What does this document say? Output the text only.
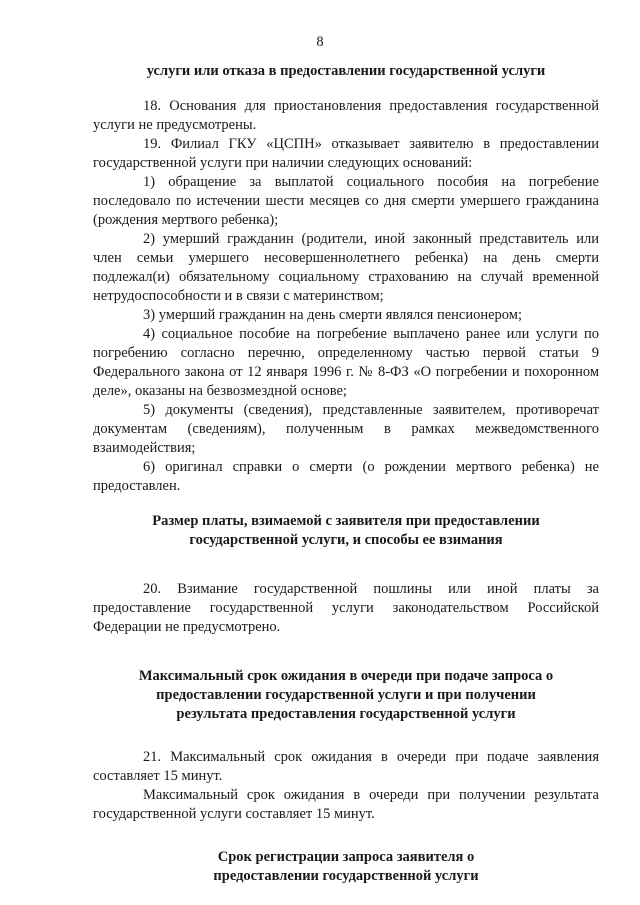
8

услуги или отказа в предоставлении государственной услуги

18. Основания для приостановления предоставления государственной услуги не предусмотрены.

19. Филиал ГКУ «ЦСПН» отказывает заявителю в предоставлении государственной услуги при наличии следующих оснований:

1) обращение за выплатой социального пособия на погребение последовало по истечении шести месяцев со дня смерти умершего гражданина (рождения мертвого ребенка);

2) умерший гражданин (родители, иной законный представитель или член семьи умершего несовершеннолетнего ребенка) на день смерти подлежал(и) обязательному социальному страхованию на случай временной нетрудоспособности и в связи с материнством;

3) умерший гражданин на день смерти являлся пенсионером;

4) социальное пособие на погребение выплачено ранее или услуги по погребению согласно перечню, определенному частью первой статьи 9 Федерального закона от 12 января 1996 г. № 8-ФЗ «О погребении и похоронном деле», оказаны на безвозмездной основе;

5) документы (сведения), представленные заявителем, противоречат документам (сведениям), полученным в рамках межведомственного взаимодействия;

6) оригинал справки о смерти (о рождении мертвого ребенка) не предоставлен.

Размер платы, взимаемой с заявителя при предоставлении государственной услуги, и способы ее взимания

20. Взимание государственной пошлины или иной платы за предоставление государственной услуги законодательством Российской Федерации не предусмотрено.

Максимальный срок ожидания в очереди при подаче запроса о предоставлении государственной услуги и при получении результата предоставления государственной услуги

21. Максимальный срок ожидания в очереди при подаче заявления составляет 15 минут.

Максимальный срок ожидания в очереди при получении результата государственной услуги составляет 15 минут.

Срок регистрации запроса заявителя о предоставлении государственной услуги
